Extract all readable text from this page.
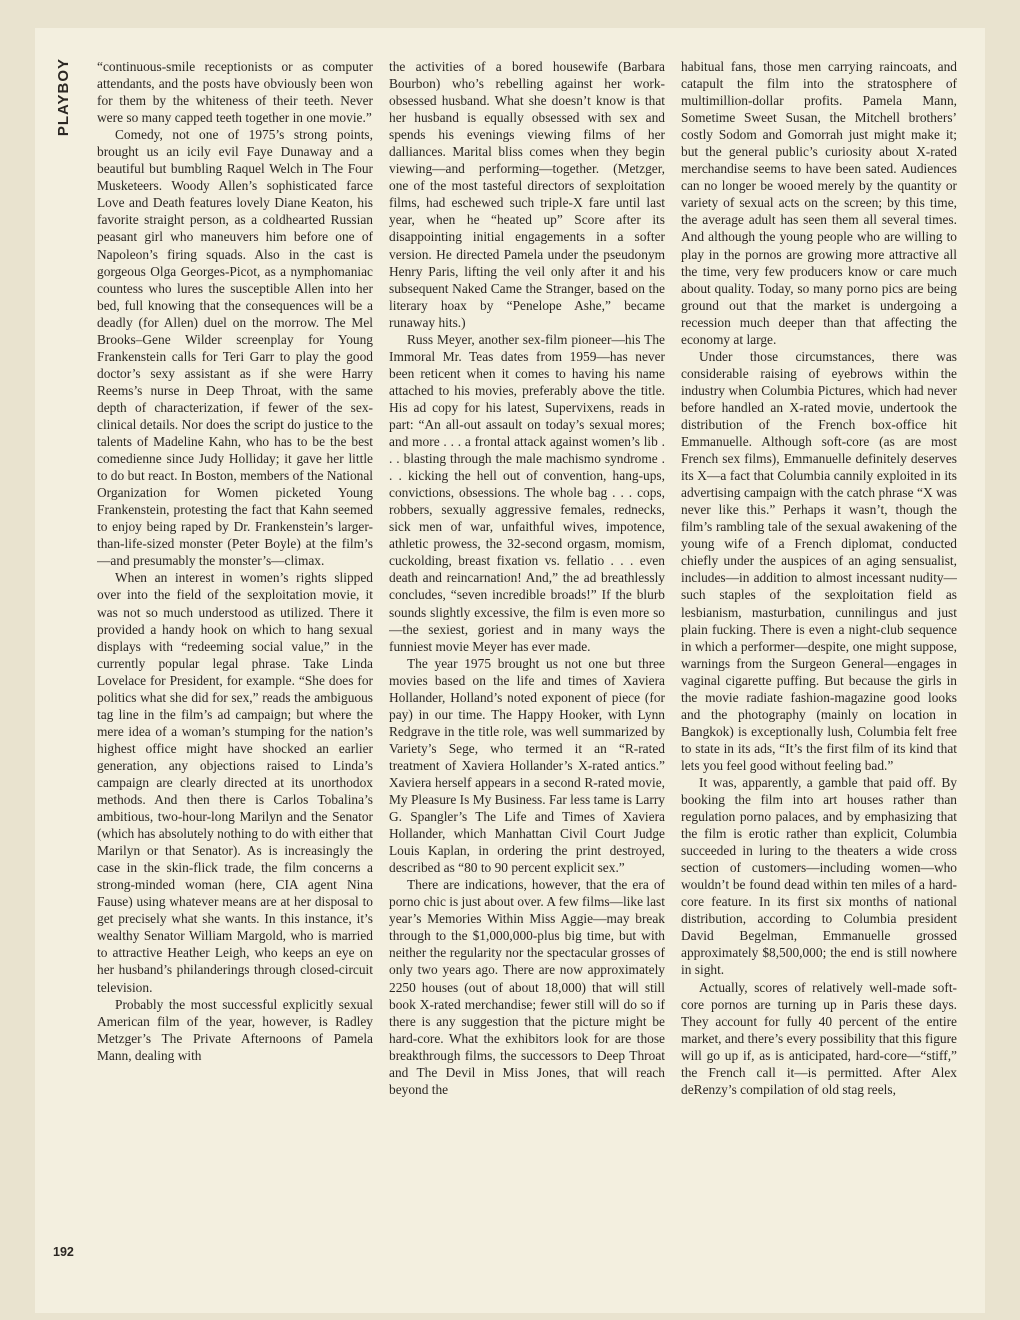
PLAYBOY
192

“continuous-smile receptionists or as computer attendants, and the posts have obviously been won for them by the whiteness of their teeth. Never were so many capped teeth together in one movie.”

Comedy, not one of 1975’s strong points, brought us an icily evil Faye Dunaway and a beautiful but bumbling Raquel Welch in The Four Musketeers. Woody Allen’s sophisticated farce Love and Death features lovely Diane Keaton, his favorite straight person, as a coldhearted Russian peasant girl who maneuvers him before one of Napoleon’s firing squads. Also in the cast is gorgeous Olga Georges-Picot, as a nymphomaniac countess who lures the susceptible Allen into her bed, full knowing that the consequences will be a deadly (for Allen) duel on the morrow. The Mel Brooks–Gene Wilder screenplay for Young Frankenstein calls for Teri Garr to play the good doctor’s sexy assistant as if she were Harry Reems’s nurse in Deep Throat, with the same depth of characterization, if fewer of the sex-clinical details. Nor does the script do justice to the talents of Madeline Kahn, who has to be the best comedienne since Judy Holliday; it gave her little to do but react. In Boston, members of the National Organization for Women picketed Young Frankenstein, protesting the fact that Kahn seemed to enjoy being raped by Dr. Frankenstein’s larger-than-life-sized monster (Peter Boyle) at the film’s—and presumably the monster’s—climax.

When an interest in women’s rights slipped over into the field of the sexploitation movie, it was not so much understood as utilized. There it provided a handy hook on which to hang sexual displays with “redeeming social value,” in the currently popular legal phrase. Take Linda Lovelace for President, for example. “She does for politics what she did for sex,” reads the ambiguous tag line in the film’s ad campaign; but where the mere idea of a woman’s stumping for the nation’s highest office might have shocked an earlier generation, any objections raised to Linda’s campaign are clearly directed at its unorthodox methods. And then there is Carlos Tobalina’s ambitious, two-hour-long Marilyn and the Senator (which has absolutely nothing to do with either that Marilyn or that Senator). As is increasingly the case in the skin-flick trade, the film concerns a strong-minded woman (here, CIA agent Nina Fause) using whatever means are at her disposal to get precisely what she wants. In this instance, it’s wealthy Senator William Margold, who is married to attractive Heather Leigh, who keeps an eye on her husband’s philanderings through closed-circuit television.

Probably the most successful explicitly sexual American film of the year, however, is Radley Metzger’s The Private Afternoons of Pamela Mann, dealing with

the activities of a bored housewife (Barbara Bourbon) who’s rebelling against her work-obsessed husband. What she doesn’t know is that her husband is equally obsessed with sex and spends his evenings viewing films of her dalliances. Marital bliss comes when they begin viewing—and performing—together. (Metzger, one of the most tasteful directors of sexploitation films, had eschewed such triple-X fare until last year, when he “heated up” Score after its disappointing initial engagements in a softer version. He directed Pamela under the pseudonym Henry Paris, lifting the veil only after it and his subsequent Naked Came the Stranger, based on the literary hoax by “Penelope Ashe,” became runaway hits.)

Russ Meyer, another sex-film pioneer—his The Immoral Mr. Teas dates from 1959—has never been reticent when it comes to having his name attached to his movies, preferably above the title. His ad copy for his latest, Supervixens, reads in part: “An all-out assault on today’s sexual mores; and more . . . a frontal attack against women’s lib . . . blasting through the male machismo syndrome . . . kicking the hell out of convention, hang-ups, convictions, obsessions. The whole bag . . . cops, robbers, sexually aggressive females, rednecks, sick men of war, unfaithful wives, impotence, athletic prowess, the 32-second orgasm, momism, cuckolding, breast fixation vs. fellatio . . . even death and reincarnation! And,” the ad breathlessly concludes, “seven incredible broads!” If the blurb sounds slightly excessive, the film is even more so—the sexiest, goriest and in many ways the funniest movie Meyer has ever made.

The year 1975 brought us not one but three movies based on the life and times of Xaviera Hollander, Holland’s noted exponent of piece (for pay) in our time. The Happy Hooker, with Lynn Redgrave in the title role, was well summarized by Variety’s Sege, who termed it an “R-rated treatment of Xaviera Hollander’s X-rated antics.” Xaviera herself appears in a second R-rated movie, My Pleasure Is My Business. Far less tame is Larry G. Spangler’s The Life and Times of Xaviera Hollander, which Manhattan Civil Court Judge Louis Kaplan, in ordering the print destroyed, described as “80 to 90 percent explicit sex.”

There are indications, however, that the era of porno chic is just about over. A few films—like last year’s Memories Within Miss Aggie—may break through to the $1,000,000-plus big time, but with neither the regularity nor the spectacular grosses of only two years ago. There are now approximately 2250 houses (out of about 18,000) that will still book X-rated merchandise; fewer still will do so if there is any suggestion that the picture might be hard-core. What the exhibitors look for are those breakthrough films, the successors to Deep Throat and The Devil in Miss Jones, that will reach beyond the

habitual fans, those men carrying raincoats, and catapult the film into the stratosphere of multimillion-dollar profits. Pamela Mann, Sometime Sweet Susan, the Mitchell brothers’ costly Sodom and Gomorrah just might make it; but the general public’s curiosity about X-rated merchandise seems to have been sated. Audiences can no longer be wooed merely by the quantity or variety of sexual acts on the screen; by this time, the average adult has seen them all several times. And although the young people who are willing to play in the pornos are growing more attractive all the time, very few producers know or care much about quality. Today, so many porno pics are being ground out that the market is undergoing a recession much deeper than that affecting the economy at large.

Under those circumstances, there was considerable raising of eyebrows within the industry when Columbia Pictures, which had never before handled an X-rated movie, undertook the distribution of the French box-office hit Emmanuelle. Although soft-core (as are most French sex films), Emmanuelle definitely deserves its X—a fact that Columbia cannily exploited in its advertising campaign with the catch phrase “X was never like this.” Perhaps it wasn’t, though the film’s rambling tale of the sexual awakening of the young wife of a French diplomat, conducted chiefly under the auspices of an aging sensualist, includes—in addition to almost incessant nudity—such staples of the sexploitation field as lesbianism, masturbation, cunnilingus and just plain fucking. There is even a night-club sequence in which a performer—despite, one might suppose, warnings from the Surgeon General—engages in vaginal cigarette puffing. But because the girls in the movie radiate fashion-magazine good looks and the photography (mainly on location in Bangkok) is exceptionally lush, Columbia felt free to state in its ads, “It’s the first film of its kind that lets you feel good without feeling bad.”

It was, apparently, a gamble that paid off. By booking the film into art houses rather than regulation porno palaces, and by emphasizing that the film is erotic rather than explicit, Columbia succeeded in luring to the theaters a wide cross section of customers—including women—who wouldn’t be found dead within ten miles of a hard-core feature. In its first six months of national distribution, according to Columbia president David Begelman, Emmanuelle grossed approximately $8,500,000; the end is still nowhere in sight.

Actually, scores of relatively well-made soft-core pornos are turning up in Paris these days. They account for fully 40 percent of the entire market, and there’s every possibility that this figure will go up if, as is anticipated, hard-core—“stiff,” the French call it—is permitted. After Alex deRenzy’s compilation of old stag reels,
